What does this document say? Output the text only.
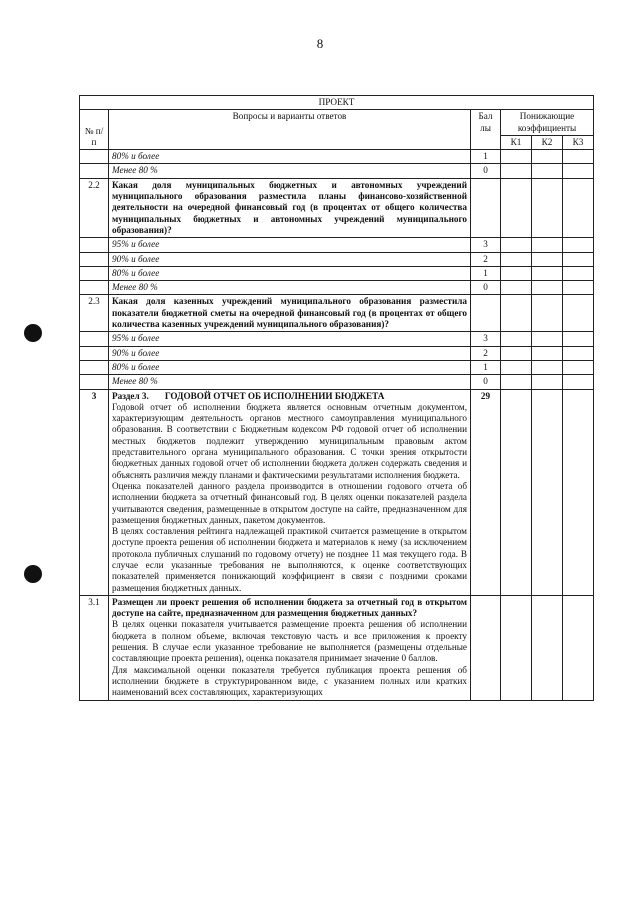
8
ПРОЕКТ					
№ п/п	Вопросы и варианты ответов	Бал лы	Понижающие коэффициенты		
			К1	К2	К3
	80% и более	1			
	Менее 80 %	0			
2.2	Какая доля муниципальных бюджетных и автономных учреждений муниципального образования разместила планы финансово-хозяйственной деятельности на очередной финансовый год (в процентах от общего количества муниципальных бюджетных и автономных учреждений муниципального образования)?				
	95% и более	3			
	90% и более	2			
	80% и более	1			
	Менее 80 %	0			
2.3	Какая доля казенных учреждений муниципального образования разместила показатели бюджетной сметы на очередной финансовый год (в процентах от общего количества казенных учреждений муниципального образования)?				
	95% и более	3			
	90% и более	2			
	80% и более	1			
	Менее 80 %	0			
3	Раздел 3. ГОДОВОЙ ОТЧЕТ ОБ ИСПОЛНЕНИИ БЮДЖЕТА

Годовой отчет об исполнении бюджета является основным отчетным документом, характеризующим деятельность органов местного самоуправления муниципального образования. В соответствии с Бюджетным кодексом РФ годовой отчет об исполнении местных бюджетов подлежит утверждению муниципальным правовым актом представительного органа муниципального образования. С точки зрения открытости бюджетных данных годовой отчет об исполнении бюджета должен содержать сведения и объяснять различия между планами и фактическими результатами исполнения бюджета.

Оценка показателей данного раздела производится в отношении годового отчета об исполнении бюджета за отчетный финансовый год. В целях оценки показателей раздела учитываются сведения, размещенные в открытом доступе на сайте, предназначенном для размещения бюджетных данных, пакетом документов.

В целях составления рейтинга надлежащей практикой считается размещение в открытом доступе проекта решения об исполнении бюджета и материалов к нему (за исключением протокола публичных слушаний по годовому отчету) не позднее 11 мая текущего года. В случае если указанные требования не выполняются, к оценке соответствующих показателей применяется понижающий коэффициент в связи с поздними сроками размещения бюджетных данных.	29			
3.1	Размещен ли проект решения об исполнении бюджета за отчетный год в открытом доступе на сайте, предназначенном для размещения бюджетных данных?

В целях оценки показателя учитывается размещение проекта решения об исполнении бюджета в полном объеме, включая текстовую часть и все приложения к проекту решения. В случае если указанное требование не выполняется (размещены отдельные составляющие проекта решения), оценка показателя принимает значение 0 баллов.

Для максимальной оценки показателя требуется публикация проекта решения об исполнении бюджете в структурированном виде, с указанием полных или кратких наименований всех составляющих, характеризующих				
